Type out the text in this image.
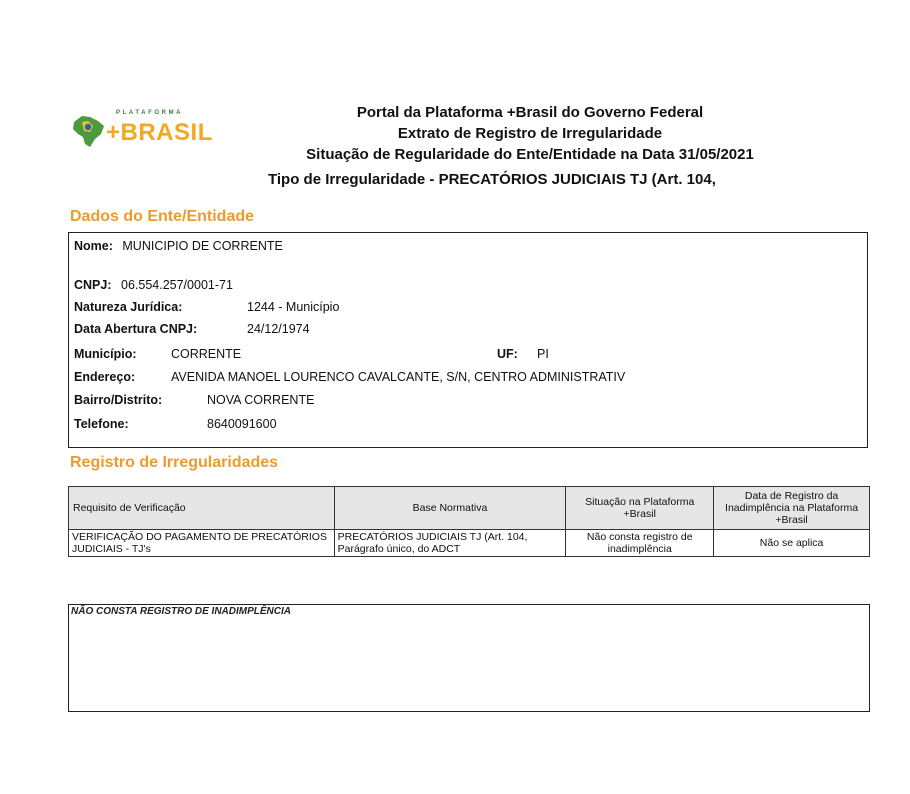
PLATAFORMA
+BRASIL
Portal da Plataforma +Brasil do Governo Federal
Extrato de Registro de Irregularidade
Situação de Regularidade do Ente/Entidade na Data 31/05/2021
Tipo de Irregularidade - PRECATÓRIOS JUDICIAIS TJ (Art. 104,
Dados do Ente/Entidade
Nome: MUNICIPIO DE CORRENTE
CNPJ: 06.554.257/0001-71
Natureza Jurídica:	1244 - Município
Data Abertura CNPJ:	24/12/1974
Município:	CORRENTE	UF: PI
Endereço:	AVENIDA MANOEL LOURENCO CAVALCANTE, S/N, CENTRO ADMINISTRATIV
Bairro/Distrito:	NOVA CORRENTE
Telefone:	8640091600
Registro de Irregularidades
Requisito de Verificação	Base Normativa	Situação na Plataforma +Brasil	Data de Registro da Inadimplência na Plataforma +Brasil
VERIFICAÇÃO DO PAGAMENTO DE PRECATÓRIOS JUDICIAIS - TJ's	PRECATÓRIOS JUDICIAIS TJ (Art. 104, Parágrafo único, do ADCT	Não consta registro de inadimplência	Não se aplica
NÃO CONSTA REGISTRO DE INADIMPLÊNCIA
